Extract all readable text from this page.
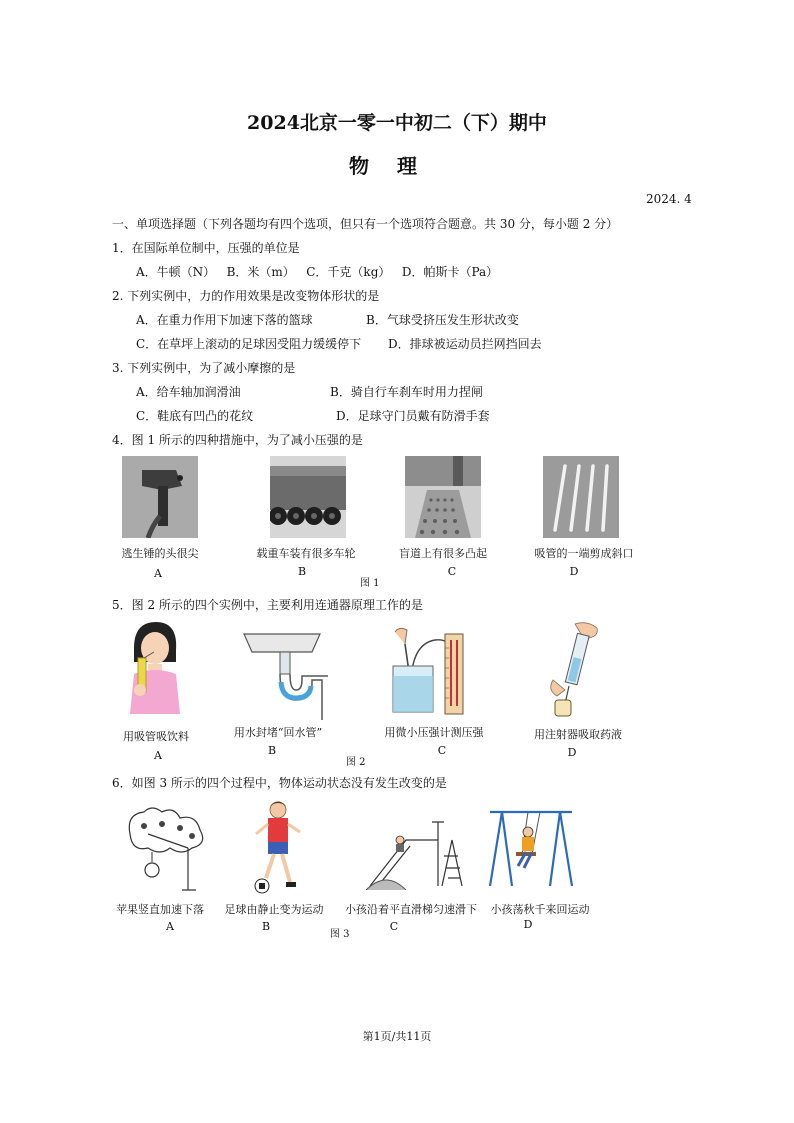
2024北京一零一中初二（下）期中
物理
2024. 4
一、单项选择题（下列各题均有四个选项，但只有一个选项符合题意。共 30 分，每小题 2 分）
1．在国际单位制中，压强的单位是
A．牛顿（N）   B．米（m）   C．千克（kg）   D．帕斯卡（Pa）
2. 下列实例中，力的作用效果是改变物体形状的是
A．在重力作用下加速下落的篮球	B．气球受挤压发生形状改变
C．在草坪上滚动的足球因受阻力缓缓停下 D．排球被运动员拦网挡回去
3. 下列实例中，为了减小摩擦的是
A．给车轴加润滑油	B．骑自行车刹车时用力捏闸
C．鞋底有凹凸的花纹	D．足球守门员戴有防滑手套
4．图 1 所示的四种措施中，为了减小压强的是
逃生锤的头很尖	载重车装有很多车轮	盲道上有很多凸起	吸管的一端剪成斜口
A	B	C	D
图 1
5．图 2 所示的四个实例中，主要利用连通器原理工作的是
用吸管吸饮料	用水封堵“回水管”	用微小压强计测压强	用注射器吸取药液
A	B	C	D
图 2
6．如图 3 所示的四个过程中，物体运动状态没有发生改变的是
苹果竖直加速下落	足球由静止变为运动	小孩沿着平直滑梯匀速滑下	小孩荡秋千来回运动
A	B	C	D
图 3
第1页/共11页
